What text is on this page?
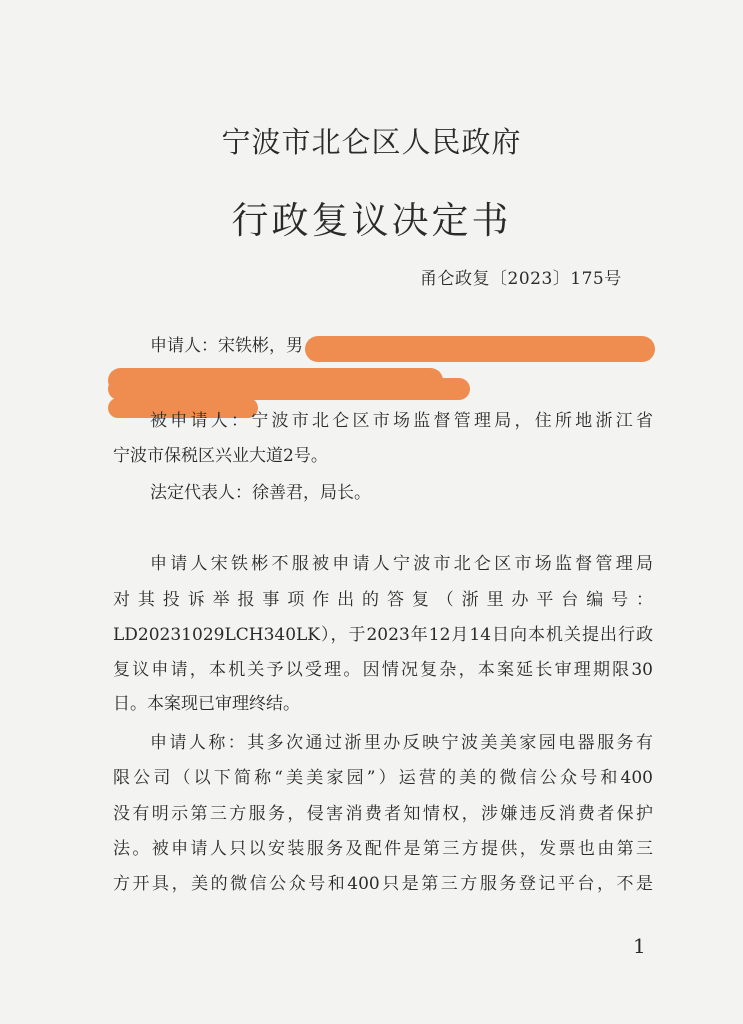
宁波市北仑区人民政府
行政复议决定书
甬仑政复〔2023〕175号
申请人：宋铁彬，男
被申请人：宁波市北仑区市场监督管理局，住所地浙江省
宁波市保税区兴业大道2号。
法定代表人：徐善君，局长。
申请人宋铁彬不服被申请人宁波市北仑区市场监督管理局
对其投诉举报事项作出的答复（浙里办平台编号：
LD20231029LCH340LK），于2023年12月14日向本机关提出行政
复议申请，本机关予以受理。因情况复杂，本案延长审理期限30
日。本案现已审理终结。
申请人称：其多次通过浙里办反映宁波美美家园电器服务有
限公司（以下简称“美美家园”）运营的美的微信公众号和400
没有明示第三方服务，侵害消费者知情权，涉嫌违反消费者保护
法。被申请人只以安装服务及配件是第三方提供，发票也由第三
方开具，美的微信公众号和400只是第三方服务登记平台，不是
1
